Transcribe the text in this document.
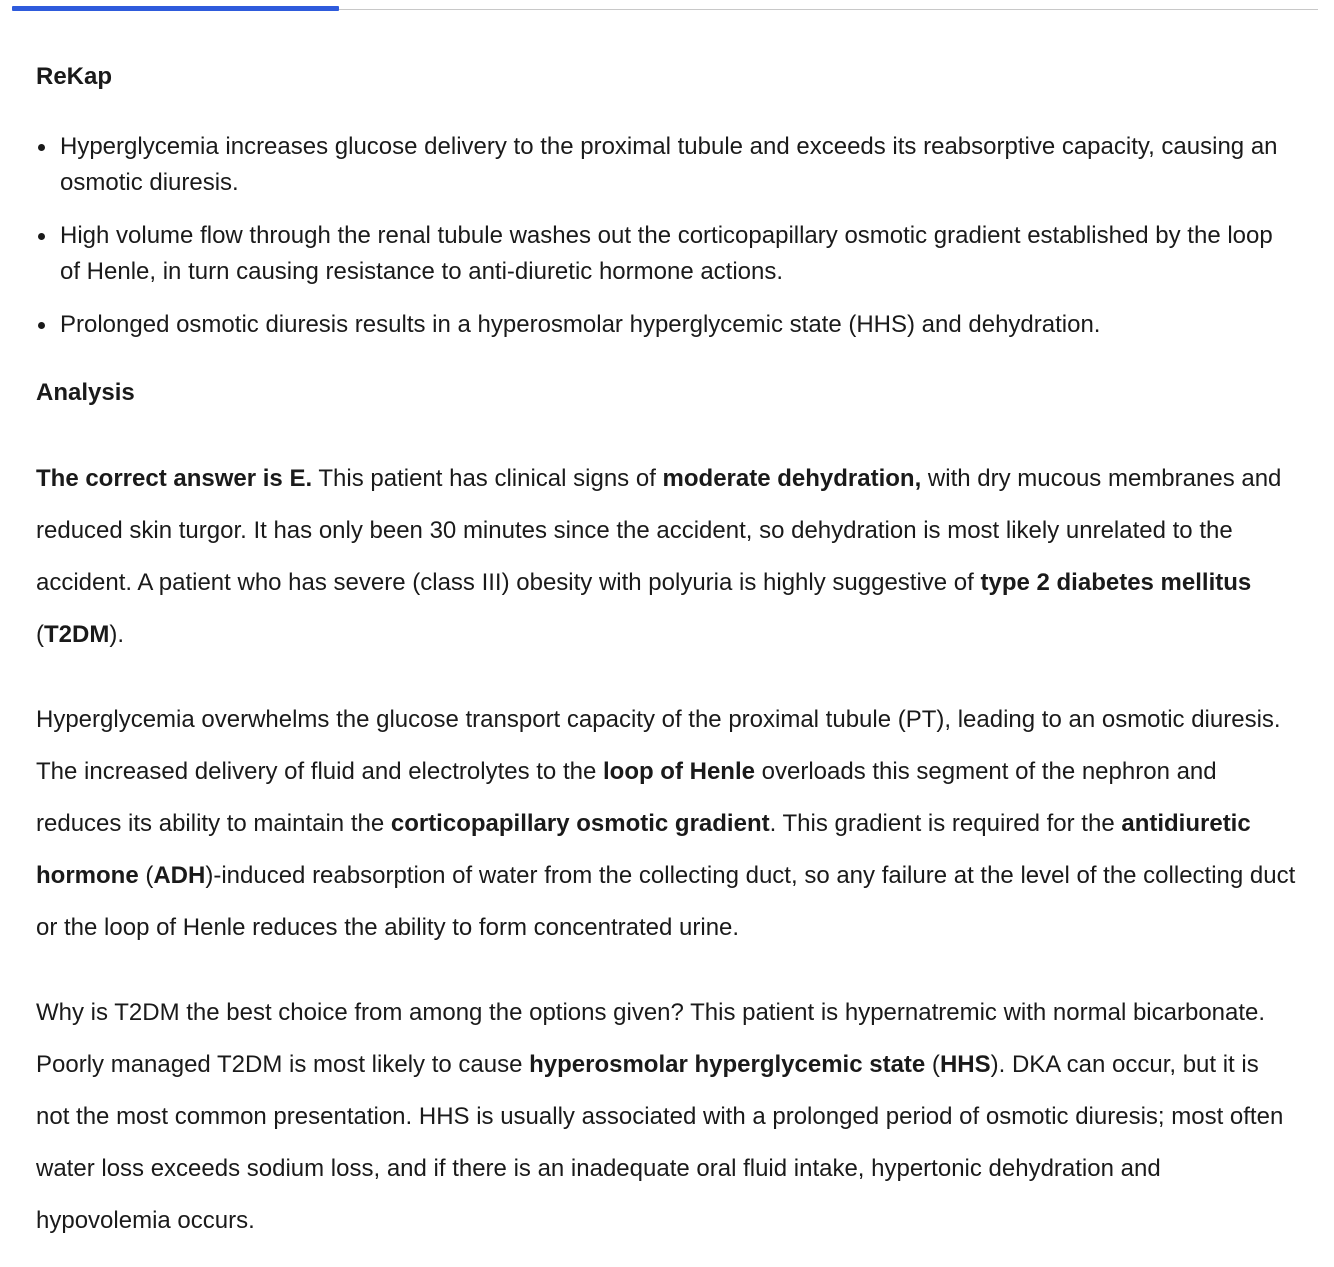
ReKap
Hyperglycemia increases glucose delivery to the proximal tubule and exceeds its reabsorptive capacity, causing an osmotic diuresis.
High volume flow through the renal tubule washes out the corticopapillary osmotic gradient established by the loop of Henle, in turn causing resistance to anti-diuretic hormone actions.
Prolonged osmotic diuresis results in a hyperosmolar hyperglycemic state (HHS) and dehydration.
Analysis

The correct answer is E. This patient has clinical signs of moderate dehydration, with dry mucous membranes and reduced skin turgor. It has only been 30 minutes since the accident, so dehydration is most likely unrelated to the accident. A patient who has severe (class III) obesity with polyuria is highly suggestive of type 2 diabetes mellitus (T2DM).

Hyperglycemia overwhelms the glucose transport capacity of the proximal tubule (PT), leading to an osmotic diuresis. The increased delivery of fluid and electrolytes to the loop of Henle overloads this segment of the nephron and reduces its ability to maintain the corticopapillary osmotic gradient. This gradient is required for the antidiuretic hormone (ADH)-induced reabsorption of water from the collecting duct, so any failure at the level of the collecting duct or the loop of Henle reduces the ability to form concentrated urine.

Why is T2DM the best choice from among the options given? This patient is hypernatremic with normal bicarbonate. Poorly managed T2DM is most likely to cause hyperosmolar hyperglycemic state (HHS). DKA can occur, but it is not the most common presentation. HHS is usually associated with a prolonged period of osmotic diuresis; most often water loss exceeds sodium loss, and if there is an inadequate oral fluid intake, hypertonic dehydration and hypovolemia occurs.
